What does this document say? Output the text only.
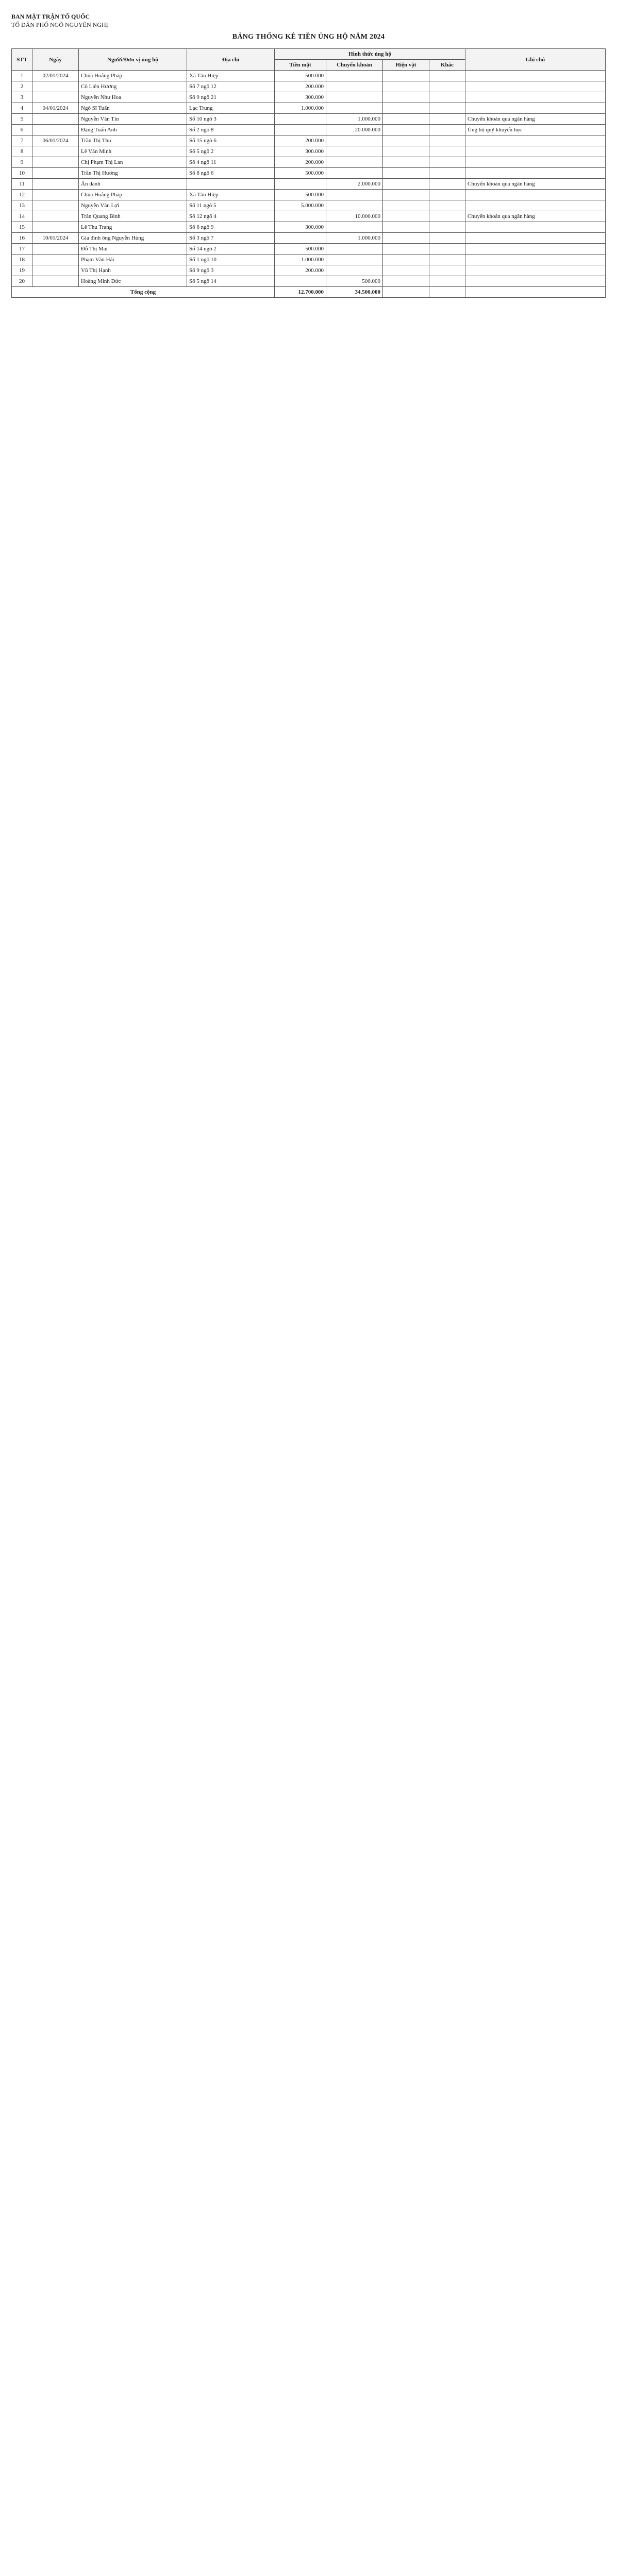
BAN MẶT TRẬN TỔ QUỐC
TỔ DÂN PHỐ NGÕ NGUYÊN NGHỊ
BẢNG THỐNG KÊ TIỀN ỦNG HỘ NĂM 2024
STT	Ngày	Người/Đơn vị ủng hộ	Địa chỉ	Hình thức ủng hộ				Ghi chú
				Tiền mặt	Chuyển khoản	Hiện vật	Khác	
1	02/01/2024	Chùa Hoằng Pháp	Xã Tân Hiệp	500.000				
2		Cô Liên Hương	Số 7 ngõ 12	200.000				
3		Nguyễn Như Hoa	Số 9 ngõ 21	300.000				
4	04/01/2024	Ngô Sĩ Tuấn	Lạc Trung	1.000.000				
5		Nguyễn Văn Tín	Số 10 ngõ 3		1.000.000			Chuyển khoản qua ngân hàng
6		Đặng Tuấn Anh	Số 2 ngõ 8		20.000.000			Ủng hộ quỹ khuyến học
7	06/01/2024	Trần Thị Thu	Số 15 ngõ 6	200.000				
8		Lê Văn Minh	Số 5 ngõ 2	300.000				
9		Chị Phạm Thị Lan	Số 4 ngõ 11	200.000				
10		Trần Thị Hương	Số 8 ngõ 6	500.000				
11		Ẩn danh			2.000.000			Chuyển khoản qua ngân hàng
12		Chùa Hoằng Pháp	Xã Tân Hiệp	500.000				
13		Nguyễn Văn Lợi	Số 11 ngõ 5	5.000.000				
14		Trần Quang Bình	Số 12 ngõ 4		10.000.000			Chuyển khoản qua ngân hàng
15		Lê Thu Trang	Số 6 ngõ 9	300.000				
16	10/01/2024	Gia đình ông Nguyễn Hùng	Số 3 ngõ 7		1.000.000			
17		Đỗ Thị Mai	Số 14 ngõ 2	500.000				
18		Phạm Văn Hải	Số 1 ngõ 10	1.000.000				
19		Vũ Thị Hạnh	Số 9 ngõ 3	200.000				
20		Hoàng Minh Đức	Số 5 ngõ 14		500.000			
Tổng cộng				12.700.000	34.500.000			
